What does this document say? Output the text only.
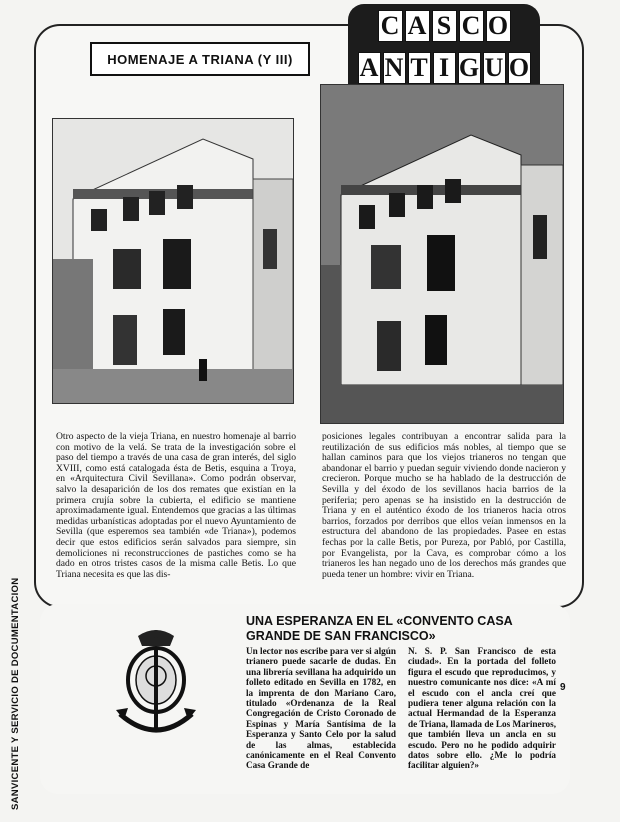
HOMENAJE A TRIANA (Y III)
C A S C O
A N T I G U O
Otro aspecto de la vieja Triana, en nuestro homenaje al barrio con motivo de la velá. Se trata de la investigación sobre el paso del tiempo a través de una casa de gran interés, del siglo XVIII, como está catalogada ésta de Betis, esquina a Troya, en «Arquitectura Civil Sevillana». Como podrán observar, salvo la desaparición de los dos remates que existían en la primera crujía sobre la cubierta, el edificio se mantiene aproximadamente igual. Entendemos que gracias a las últimas medidas urbanísticas adoptadas por el nuevo Ayuntamiento de Sevilla (que esperemos sea también «de Triana»), podemos decir que estos edificios serán salvados para siempre, sin demoliciones ni reconstrucciones de pastiches como se ha dado en otros tristes casos de la misma calle Betis. Lo que Triana necesita es que las dis-
posiciones legales contribuyan a encontrar salida para la reutilización de sus edificios más nobles, al tiempo que se hallan caminos para que los viejos trianeros no tengan que abandonar el barrio y puedan seguir viviendo donde nacieron y crecieron. Porque mucho se ha hablado de la destrucción de Sevilla y del éxodo de los sevillanos hacia barrios de la periferia; pero apenas se ha insistido en la destrucción de Triana y en el auténtico éxodo de los trianeros hacia otros barrios, forzados por derribos que ellos veían inmensos en la estructura del abandono de las propiedades. Pasee en estas fechas por la calle Betis, por Pureza, por Pabló, por Castilla, por Evangelista, por la Cava, es comprobar cómo a los trianeros les han negado uno de los derechos más grandes que pueda tener un hombre: vivir en Triana.
UNA ESPERANZA EN EL «CONVENTO CASA GRANDE DE SAN FRANCISCO»
Un lector nos escribe para ver si algún trianero puede sacarle de dudas. En una librería sevillana ha adquirido un folleto editado en Sevilla en 1782, en la imprenta de don Mariano Caro, titulado «Ordenanza de la Real Congregación de Cristo Coronado de Espinas y María Santísima de la Esperanza y Santo Celo por la salud de las almas, establecida canónicamente en el Real Convento Casa Grande de
N. S. P. San Francisco de esta ciudad». En la portada del folleto figura el escudo que reproducimos, y nuestro comunicante nos dice: «A mí el escudo con el ancla creí que pudiera tener alguna relación con la actual Hermandad de la Esperanza de Triana, llamada de Los Marineros, que también lleva un ancla en su escudo. Pero no he podido adquirir datos sobre ello. ¿Me lo podría facilitar alguien?»
SANVICENTE Y SERVICIO DE DOCUMENTACION	9
